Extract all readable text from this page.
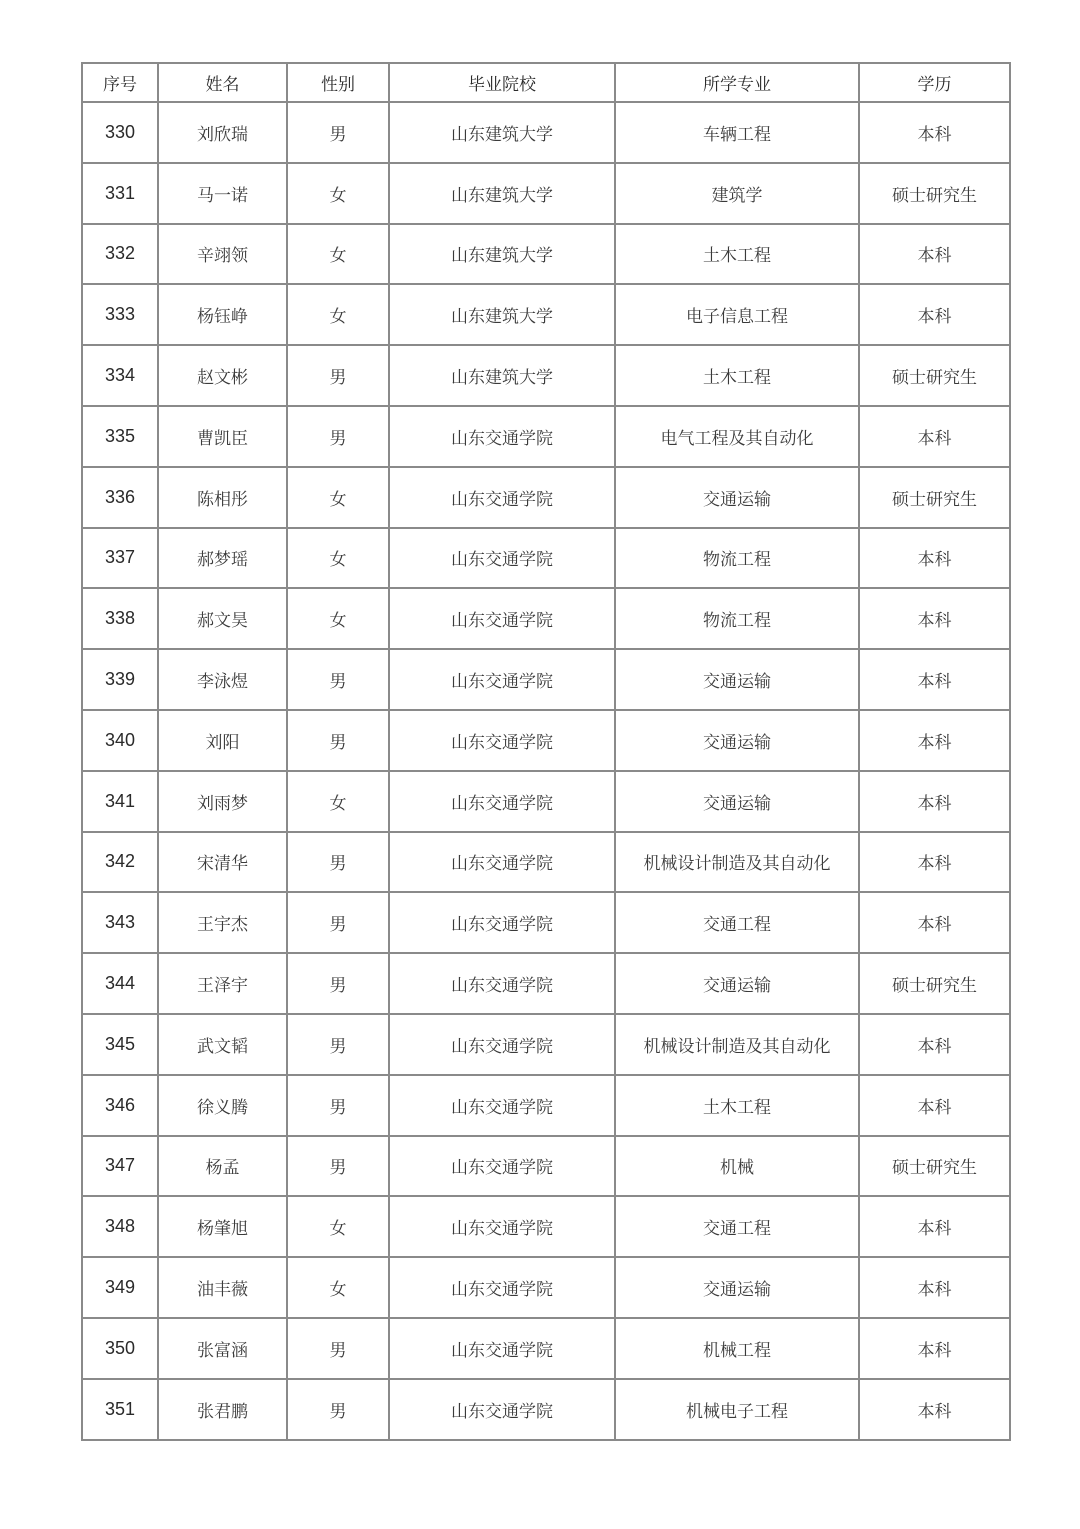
序号	姓名	性别	毕业院校	所学专业	学历
330	刘欣瑞	男	山东建筑大学	车辆工程	本科
331	马一诺	女	山东建筑大学	建筑学	硕士研究生
332	辛翊领	女	山东建筑大学	土木工程	本科
333	杨钰峥	女	山东建筑大学	电子信息工程	本科
334	赵文彬	男	山东建筑大学	土木工程	硕士研究生
335	曹凯臣	男	山东交通学院	电气工程及其自动化	本科
336	陈相彤	女	山东交通学院	交通运输	硕士研究生
337	郝梦瑶	女	山东交通学院	物流工程	本科
338	郝文昊	女	山东交通学院	物流工程	本科
339	李泳煜	男	山东交通学院	交通运输	本科
340	刘阳	男	山东交通学院	交通运输	本科
341	刘雨梦	女	山东交通学院	交通运输	本科
342	宋清华	男	山东交通学院	机械设计制造及其自动化	本科
343	王宇杰	男	山东交通学院	交通工程	本科
344	王泽宇	男	山东交通学院	交通运输	硕士研究生
345	武文韬	男	山东交通学院	机械设计制造及其自动化	本科
346	徐义腾	男	山东交通学院	土木工程	本科
347	杨孟	男	山东交通学院	机械	硕士研究生
348	杨肇旭	女	山东交通学院	交通工程	本科
349	油丰薇	女	山东交通学院	交通运输	本科
350	张富涵	男	山东交通学院	机械工程	本科
351	张君鹏	男	山东交通学院	机械电子工程	本科
